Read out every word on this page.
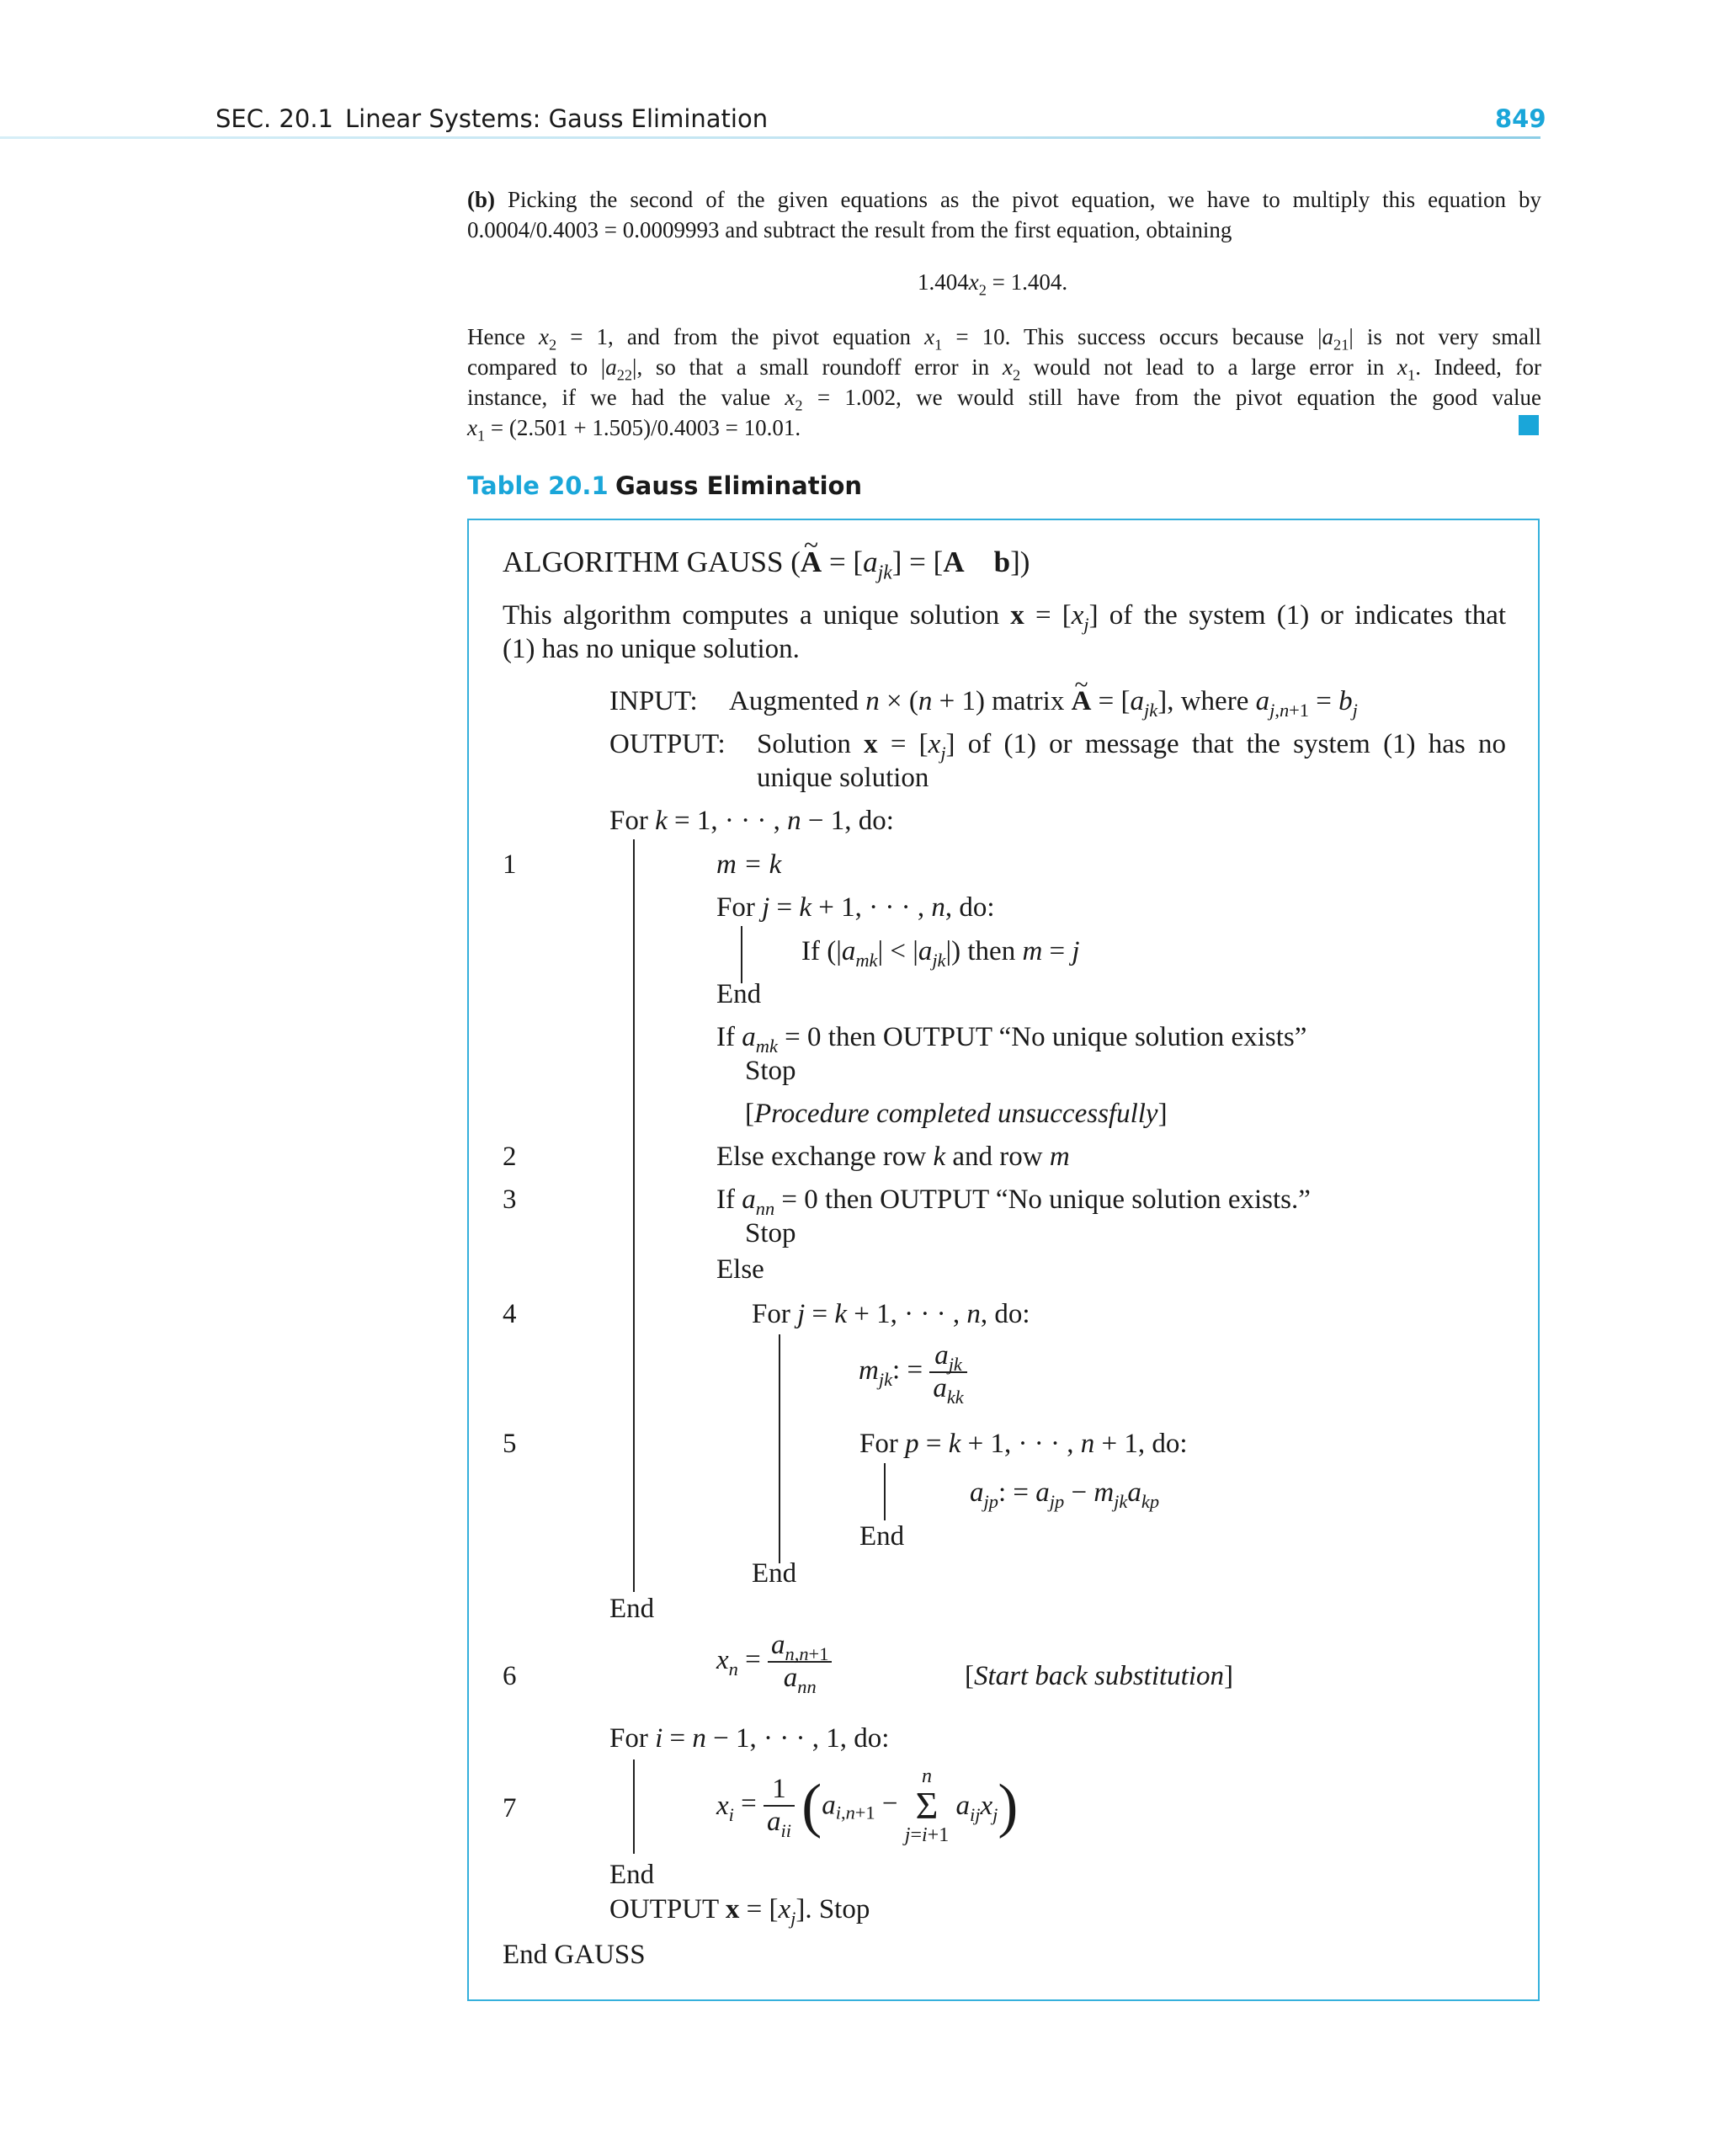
SEC. 20.1 Linear Systems: Gauss Elimination	849
(b) Picking the second of the given equations as the pivot equation, we have to multiply this equation by
0.0004/0.4003 = 0.0009993 and subtract the result from the first equation, obtaining
$1.404x_2 = 1.404$.
Hence $x_2 = 1$, and from the pivot equation $x_1 = 10$. This success occurs because $|a_{21}|$ is not very small
compared to $|a_{22}|$, so that a small roundoff error in $x_2$ would not lead to a large error in $x_1$. Indeed, for
instance, if we had the value $x_2 = 1.002$, we would still have from the pivot equation the good value
$x_1 = (2.501 + 1.505)/0.4003 = 10.01$.
Table 20.1 Gauss Elimination
ALGORITHM GAUSS (~ $A = [a_{jk}] = [A$ b])
This algorithm computes a unique solution $x = [x_j]$ of the system (1) or indicates that
(1) has no unique solution.
INPUT: Augmented n × (n + 1) matrix ~ $A = [a_{jk}]$, where $a_{j,n+1} = b_j$
OUTPUT: Solution $x = [x_j]$ of (1) or message that the system (1) has no
unique solution
For k = 1, · · · , n − 1, do:
1	m = k
For j = k + 1, · · · , n, do:
If $(|a_{mk}| < |a_{jk}|)$ then m = j
End
If $a_{mk} = 0$ then OUTPUT “No unique solution exists”
Stop
[Procedure completed unsuccessfully]
2	Else exchange row k and row m
3	If $a_{nn} = 0$ then OUTPUT “No unique solution exists.”
Stop
Else
4	For j = k + 1, · · · , n, do:
$m_{jk}$: = $\frac{a_{jk}}{a_{kk}}$
5	For p = k + 1, · · · , n + 1, do:
$a_{jp}$: = $a_{jp} - m_{jk}a_{kp}$
End
End
End
6
$x_n = \frac{a_{n,n+1}}{a_{nn}}$	[Start back substitution]
For i = n − 1, · · · , 1, do:
7	$x_i = \frac{1}{a_{ii}} (a_{i,n+1}$ −
n
Σ
j=i+1
$a_{ij}x_j$)
End
OUTPUT $x = [x_j]$. Stop
End GAUSS
